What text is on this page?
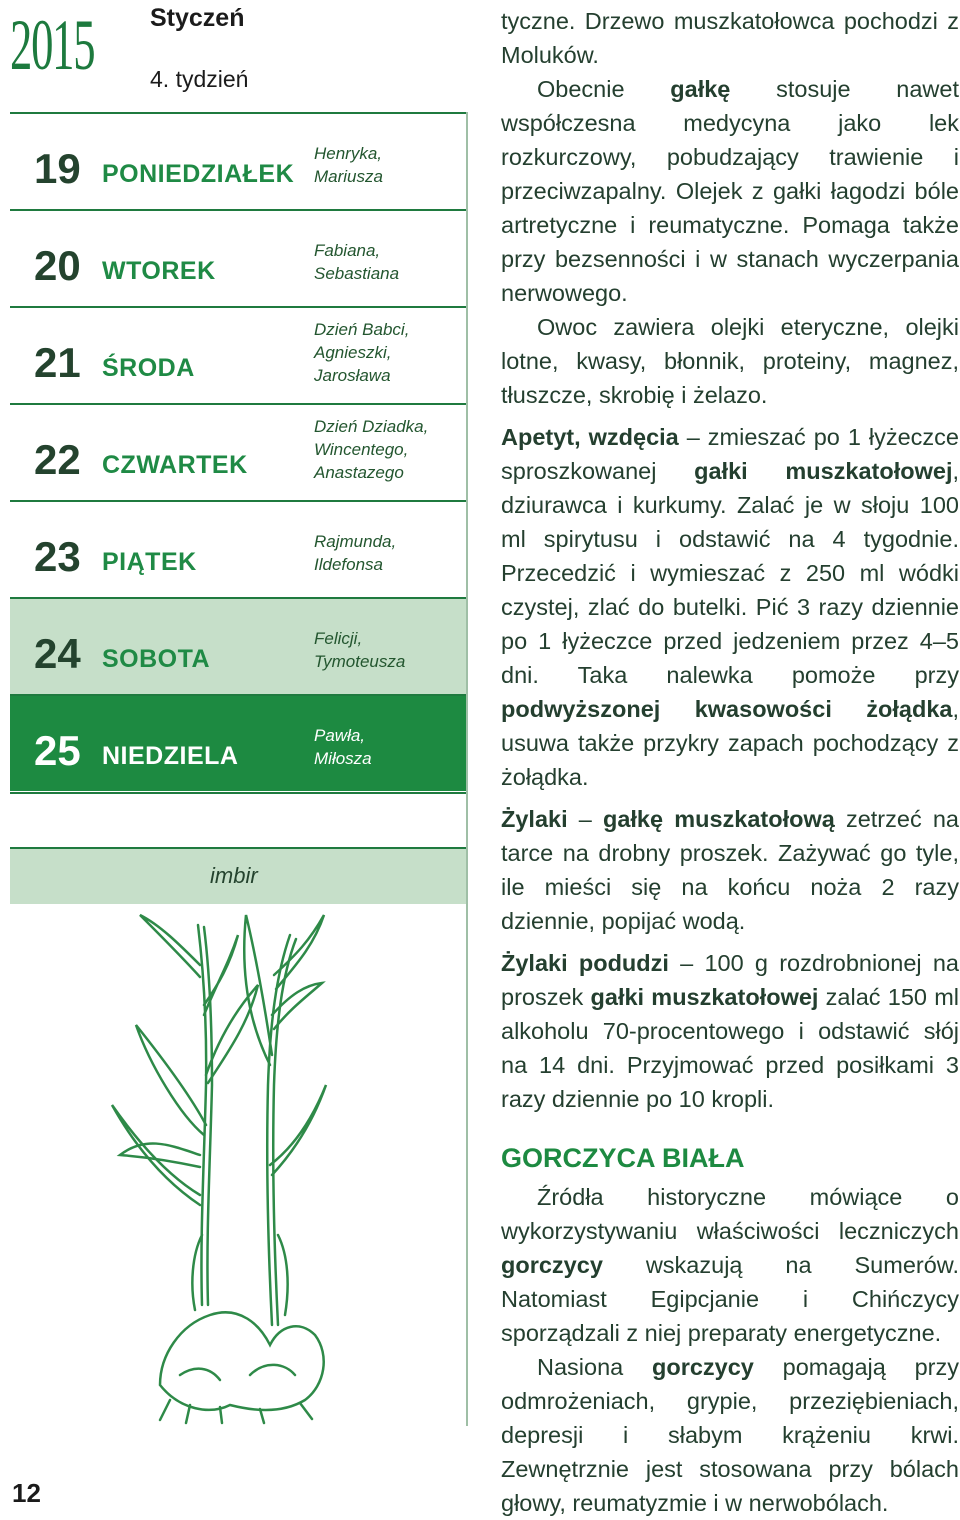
2015 Styczeń
4. tydzień
19 PONIEDZIAŁEK
Henryka,
Mariusza
20 WTOREK
Fabiana,
Sebastiana
21 ŚRODA
Dzień Babci,
Agnieszki,
Jarosława
22 CZWARTEK
Dzień Dziadka,
Wincentego,
Anastazego
23 PIĄTEK
Rajmunda,
Ildefonsa
24 SOBOTA
Felicji,
Tymoteusza
25 NIEDZIELA
Pawła,
Miłosza
imbir

tyczne. Drzewo muszkatołowca pochodzi z Moluków.

Obecnie gałkę stosuje nawet współczesna medycyna jako lek rozkurczowy, pobudzający trawienie i przeciwzapalny. Olejek z gałki łagodzi bóle artretyczne i reumatyczne. Pomaga także przy bezsenności i w stanach wyczerpania nerwowego.

Owoc zawiera olejki eteryczne, olejki lotne, kwasy, błonnik, proteiny, magnez, tłuszcze, skrobię i żelazo.

Apetyt, wzdęcia – zmieszać po 1 łyżeczce sproszkowanej gałki muszkatołowej, dziurawca i kurkumy. Zalać je w słoju 100 ml spirytusu i odstawić na 4 tygodnie. Przecedzić i wymieszać z 250 ml wódki czystej, zlać do butelki. Pić 3 razy dziennie po 1 łyżeczce przed jedzeniem przez 4–5 dni. Taka nalewka pomoże przy podwyższonej kwasowości żołądka, usuwa także przykry zapach pochodzący z żołądka.

Żylaki – gałkę muszkatołową zetrzeć na tarce na drobny proszek. Zażywać go tyle, ile mieści się na końcu noża 2 razy dziennie, popijać wodą.

Żylaki podudzi – 100 g rozdrobnionej na proszek gałki muszkatołowej zalać 150 ml alkoholu 70-procentowego i odstawić słój na 14 dni. Przyjmować przed posiłkami 3 razy dziennie po 10 kropli.

GORCZYCA BIAŁA

Źródła historyczne mówiące o wykorzystywaniu właściwości leczniczych gorczycy wskazują na Sumerów. Natomiast Egipcjanie i Chińczycy sporządzali z niej preparaty energetyczne.

Nasiona gorczycy pomagają przy odmrożeniach, grypie, przeziębieniach, depresji i słabym krążeniu krwi. Zewnętrznie jest stosowana przy bólach głowy, reumatyzmie i w nerwobólach.

12
